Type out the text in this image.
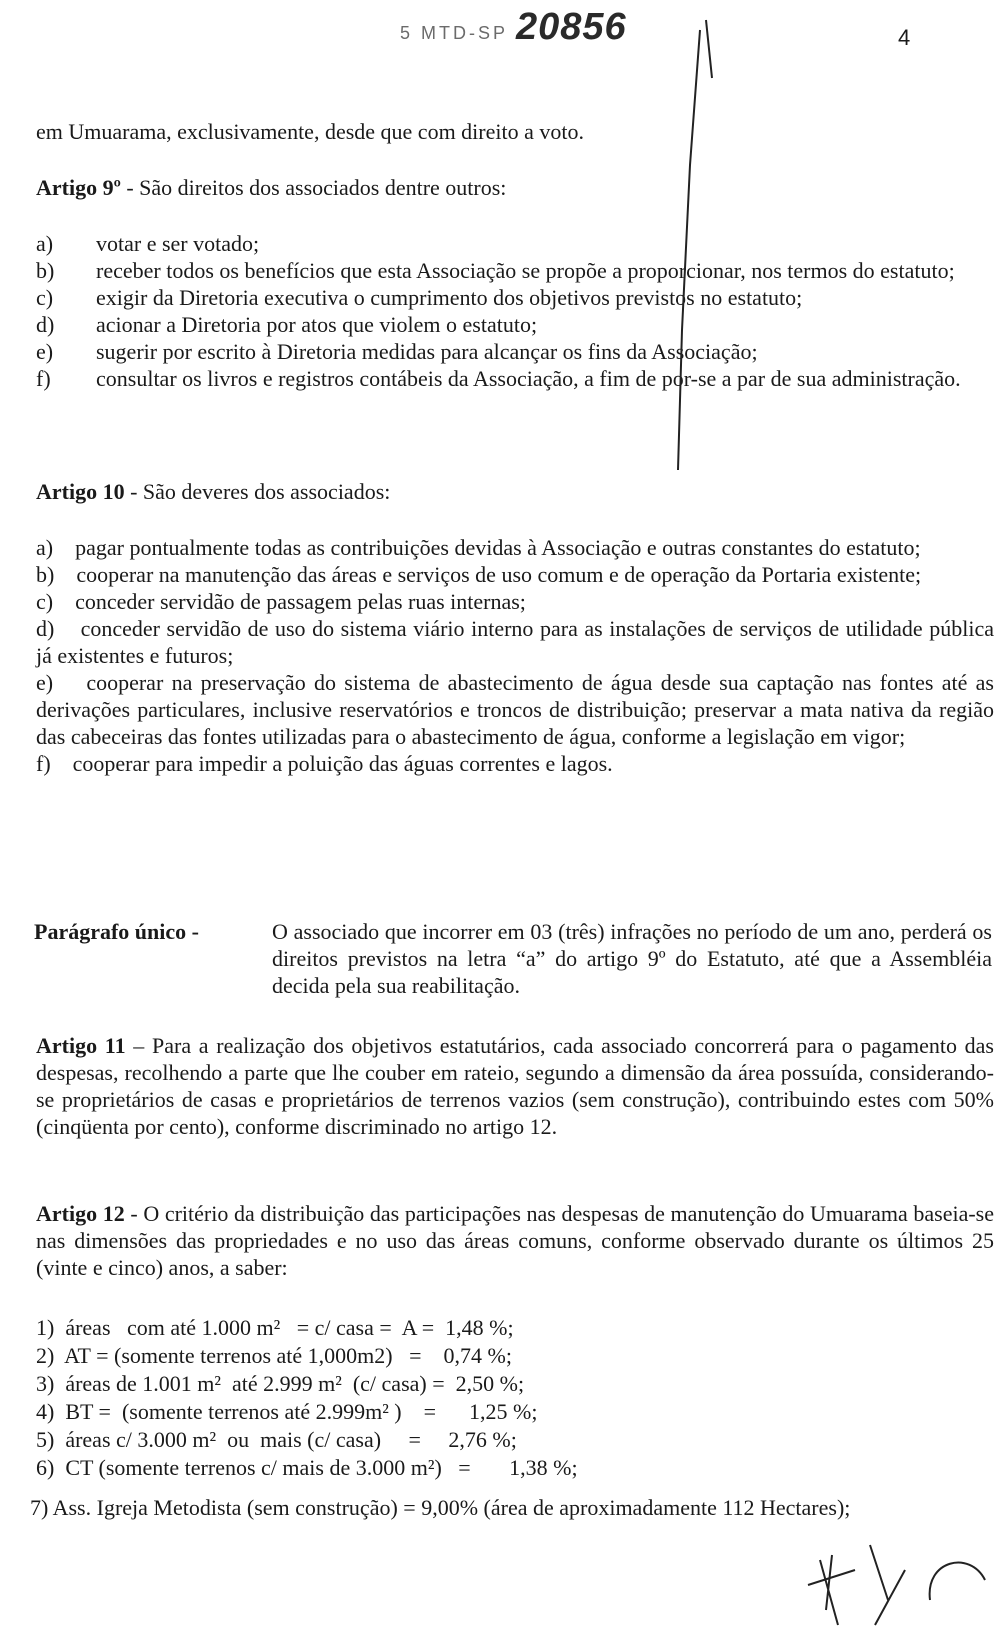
5 MTD-SP 20856	4
em Umuarama, exclusivamente, desde que com direito a voto.
Artigo 9º - São direitos dos associados dentre outros:
a)	votar e ser votado;
b)	receber todos os benefícios que esta Associação se propõe a proporcionar, nos termos do estatuto;
c)	exigir da Diretoria executiva o cumprimento dos objetivos previstos no estatuto;
d)	acionar a Diretoria por atos que violem o estatuto;
e)	sugerir por escrito à Diretoria medidas para alcançar os fins da Associação;
f)	consultar os livros e registros contábeis da Associação, a fim de por-se a par de sua administração.
Artigo 10 - São deveres dos associados:
a) pagar pontualmente todas as contribuições devidas à Associação e outras constantes do estatuto;
b) cooperar na manutenção das áreas e serviços de uso comum e de operação da Portaria existente;
c) conceder servidão de passagem pelas ruas internas;
d) conceder servidão de uso do sistema viário interno para as instalações de serviços de utilidade pública já existentes e futuros;
e) cooperar na preservação do sistema de abastecimento de água desde sua captação nas fontes até as derivações particulares, inclusive reservatórios e troncos de distribuição; preservar a mata nativa da região das cabeceiras das fontes utilizadas para o abastecimento de água, conforme a legislação em vigor;
f) cooperar para impedir a poluição das águas correntes e lagos.
Parágrafo único -	O associado que incorrer em 03 (três) infrações no período de um ano, perderá os direitos previstos na letra “a” do artigo 9º do Estatuto, até que a Assembléia decida pela sua reabilitação.
Artigo 11 – Para a realização dos objetivos estatutários, cada associado concorrerá para o pagamento das despesas, recolhendo a parte que lhe couber em rateio, segundo a dimensão da área possuída, considerando-se proprietários de casas e proprietários de terrenos vazios (sem construção), contribuindo estes com 50% (cinqüenta por cento), conforme discriminado no artigo 12.
Artigo 12 - O critério da distribuição das participações nas despesas de manutenção do Umuarama baseia-se nas dimensões das propriedades e no uso das áreas comuns, conforme observado durante os últimos 25 (vinte e cinco) anos, a saber:
1)  áreas   com até 1.000 m²   = c/ casa =  A =  1,48 %;
2)  AT = (somente terrenos até 1,000m2)   =    0,74 %;
3)  áreas de 1.001 m²  até 2.999 m²  (c/ casa) =  2,50 %;
4)  BT =  (somente terrenos até 2.999m² )    =      1,25 %;
5)  áreas c/ 3.000 m²  ou  mais (c/ casa)     =     2,76 %;
6)  CT (somente terrenos c/ mais de 3.000 m²)   =       1,38 %;
7) Ass. Igreja Metodista (sem construção) = 9,00% (área de aproximadamente 112 Hectares);
